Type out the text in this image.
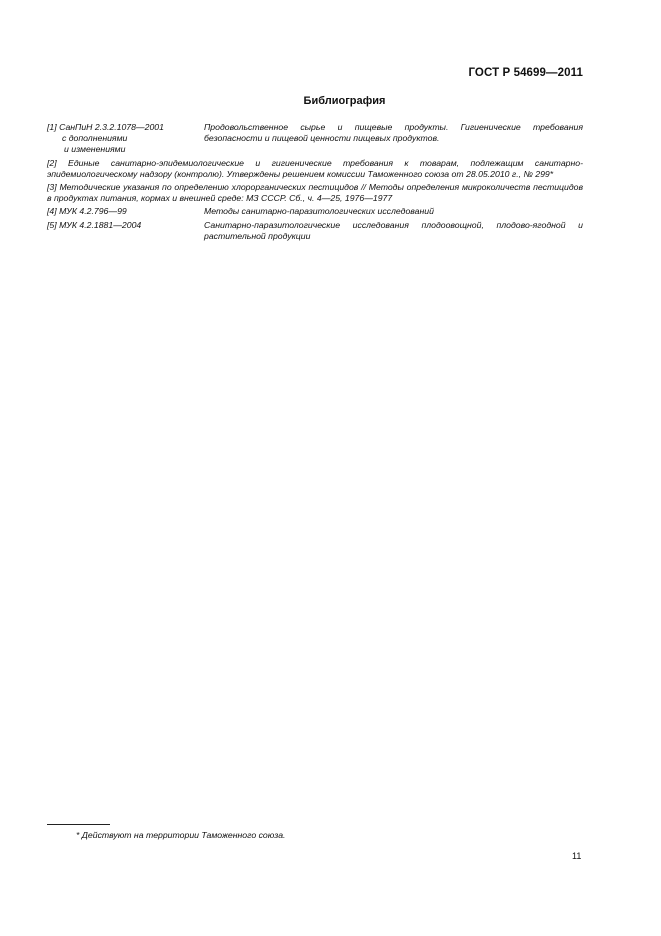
ГОСТ Р 54699—2011
Библиография
[1] СанПиН 2.3.2.1078—2001
с дополнениями
и изменениями
Продовольственное сырье и пищевые продукты. Гигиенические требования безопасности и пищевой ценности пищевых продуктов.
[2] Единые санитарно-эпидемиологические и гигиенические требования к товарам, подлежащим санитарно-эпидемиологическому надзору (контролю). Утверждены решением комиссии Таможенного союза от 28.05.2010 г., № 299*
[3] Методические указания по определению хлорорганических пестицидов // Методы определения микроколичеств пестицидов в продуктах питания, кормах и внешней среде: МЗ СССР. Сб., ч. 4—25, 1976—1977
[4] МУК 4.2.796—99	Методы санитарно-паразитологических исследований
[5] МУК 4.2.1881—2004	Санитарно-паразитологические исследования плодоовощной, плодово-ягодной и растительной продукции
* Действуют на территории Таможенного союза.
11
